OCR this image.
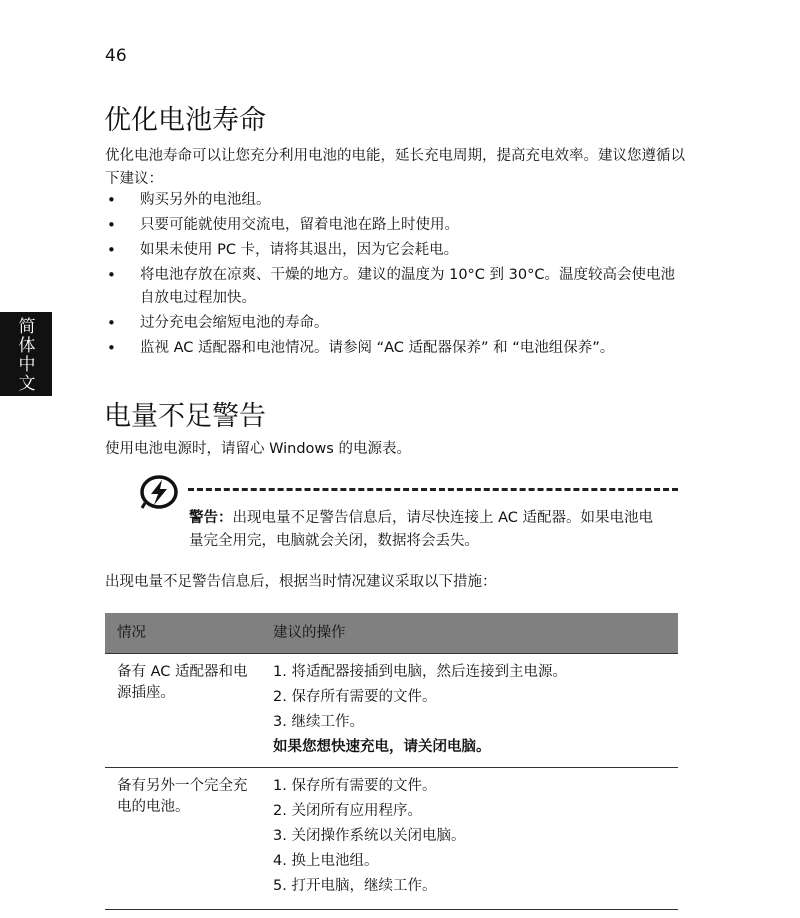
46
简体中文
优化电池寿命

优化电池寿命可以让您充分利用电池的电能，延长充电周期，提高充电效率。建议您遵循以下建议：

• 购买另外的电池组。
• 只要可能就使用交流电，留着电池在路上时使用。
• 如果未使用 PC 卡，请将其退出，因为它会耗电。
• 将电池存放在凉爽、干燥的地方。建议的温度为 10°C 到 30°C。温度较高会使电池自放电过程加快。
• 过分充电会缩短电池的寿命。
• 监视 AC 适配器和电池情况。请参阅 “AC 适配器保养” 和 “电池组保养”。
电量不足警告

使用电池电源时，请留心 Windows 的电源表。

警告：出现电量不足警告信息后，请尽快连接上 AC 适配器。如果电池电量完全用完，电脑就会关闭，数据将会丢失。

出现电量不足警告信息后，根据当时情况建议采取以下措施：

情况	建议的操作
备有 AC 适配器和电源插座。
1. 将适配器接插到电脑，然后连接到主电源。
2. 保存所有需要的文件。
3. 继续工作。
如果您想快速充电，请关闭电脑。
备有另外一个完全充电的电池。
1. 保存所有需要的文件。
2. 关闭所有应用程序。
3. 关闭操作系统以关闭电脑。
4. 换上电池组。
5. 打开电脑，继续工作。
